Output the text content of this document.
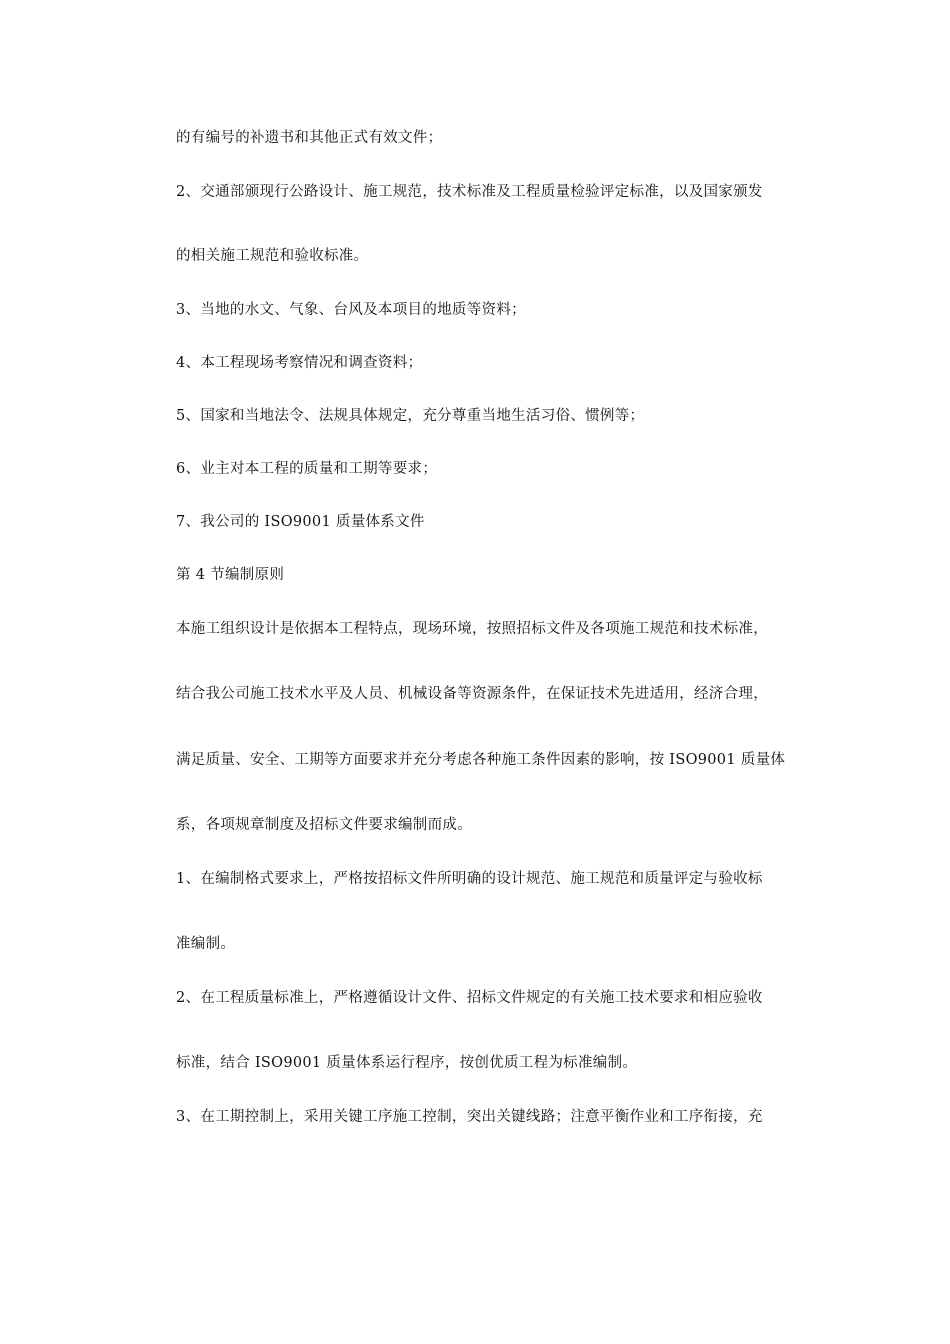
的有编号的补遗书和其他正式有效文件；

2、交通部颁现行公路设计、施工规范，技术标准及工程质量检验评定标准，以及国家颁发

的相关施工规范和验收标准。

3、当地的水文、气象、台风及本项目的地质等资料；

4、本工程现场考察情况和调查资料；

5、国家和当地法令、法规具体规定，充分尊重当地生活习俗、惯例等；

6、业主对本工程的质量和工期等要求；

7、我公司的 ISO9001 质量体系文件

第 4 节编制原则

本施工组织设计是依据本工程特点，现场环境，按照招标文件及各项施工规范和技术标准，

结合我公司施工技术水平及人员、机械设备等资源条件，在保证技术先进适用，经济合理，

满足质量、安全、工期等方面要求并充分考虑各种施工条件因素的影响，按 ISO9001 质量体

系，各项规章制度及招标文件要求编制而成。

1、在编制格式要求上，严格按招标文件所明确的设计规范、施工规范和质量评定与验收标

准编制。

2、在工程质量标准上，严格遵循设计文件、招标文件规定的有关施工技术要求和相应验收

标准，结合 ISO9001 质量体系运行程序，按创优质工程为标准编制。

3、在工期控制上，采用关键工序施工控制，突出关键线路；注意平衡作业和工序衔接，充
